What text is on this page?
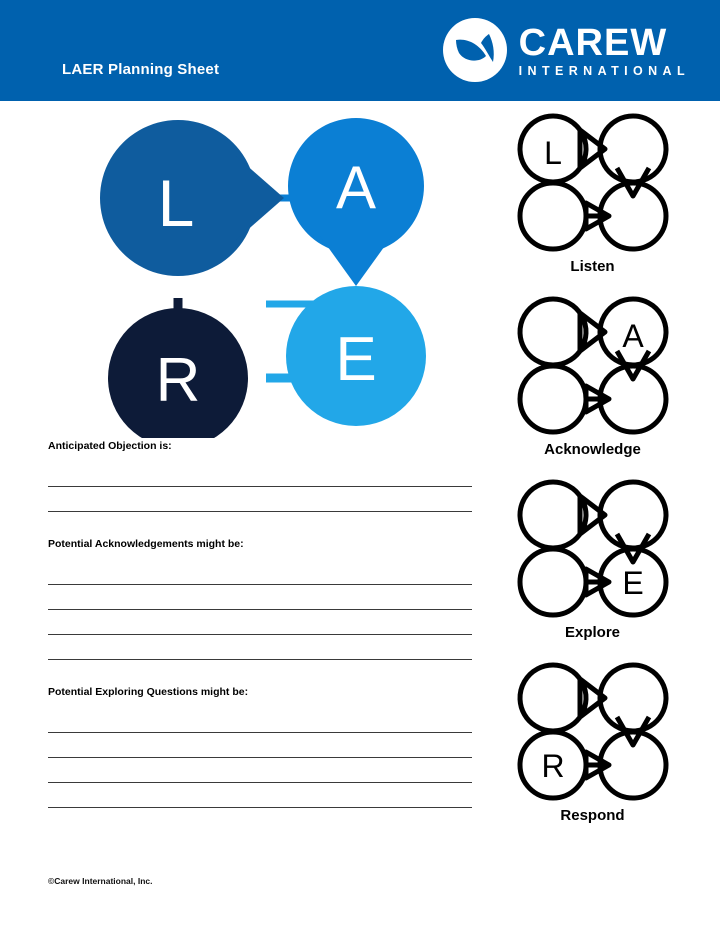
LAER Planning Sheet
CAREW
INTERNATIONAL
L A
R E
Anticipated Objection is:
Potential Acknowledgements might be:
Potential Exploring Questions might be:
©Carew International, Inc.
L
Listen
A
Acknowledge
E
Explore
R
Respond
